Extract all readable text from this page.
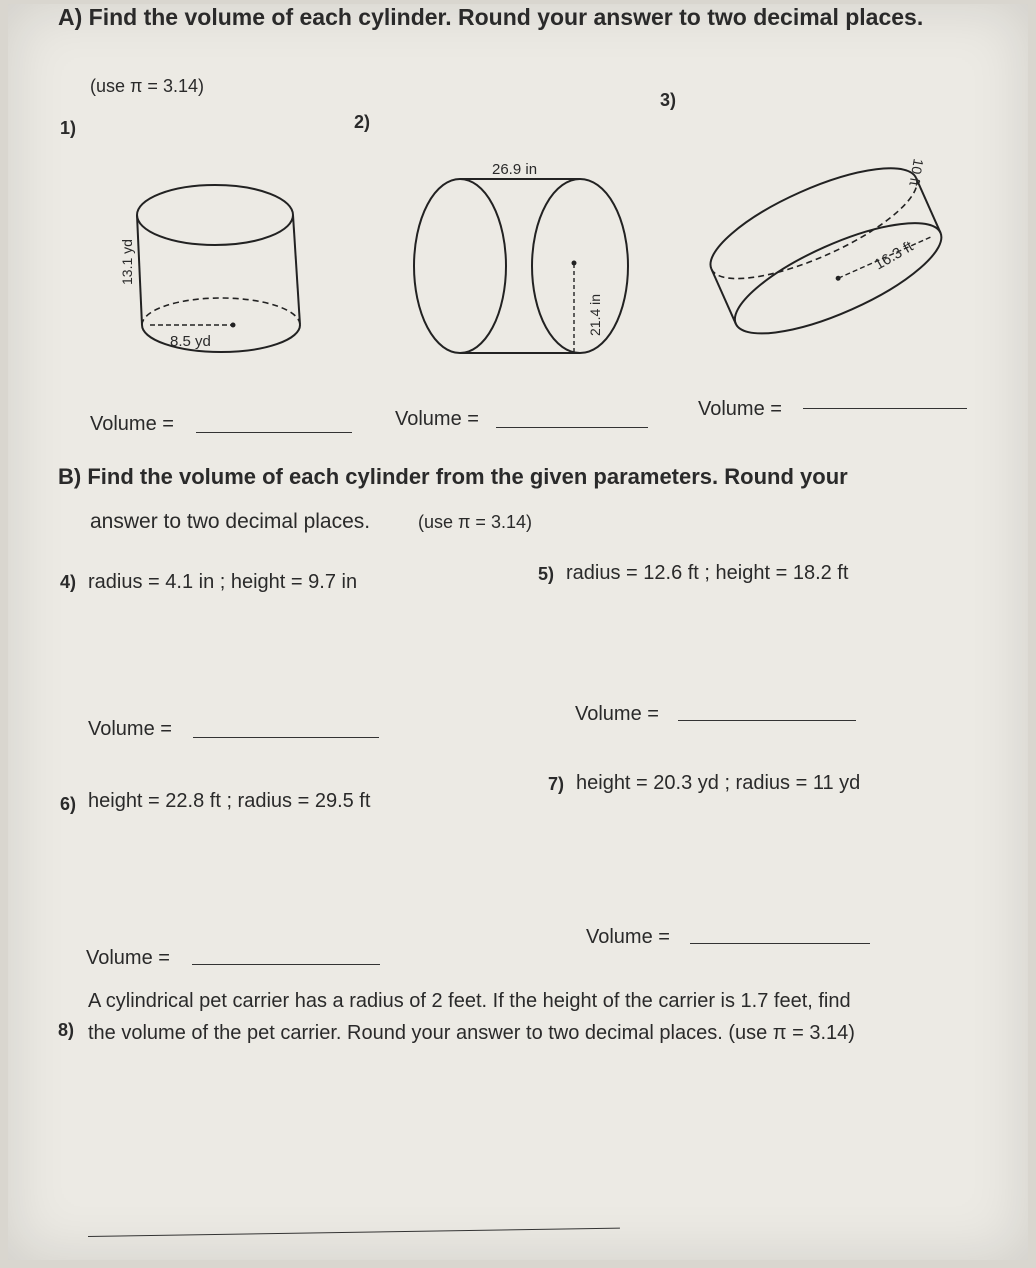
A) Find the volume of each cylinder. Round your answer to two decimal places.
(use π = 3.14)
1)	2)
3)
13.1 yd
8.5 yd
26.9 in
21.4 in
10 ft
16.3 ft
Volume =	Volume =	Volume =
B) Find the volume of each cylinder from the given parameters. Round your
answer to two decimal places.	(use π = 3.14)
4) radius = 4.1 in ; height = 9.7 in	5) radius = 12.6 ft ; height = 18.2 ft
Volume =
Volume =
6) height = 22.8 ft ; radius = 29.5 ft
7) height = 20.3 yd ; radius = 11 yd
Volume =
Volume =
8)
A cylindrical pet carrier has a radius of 2 feet. If the height of the carrier is 1.7 feet, find
the volume of the pet carrier. Round your answer to two decimal places. (use π = 3.14)
